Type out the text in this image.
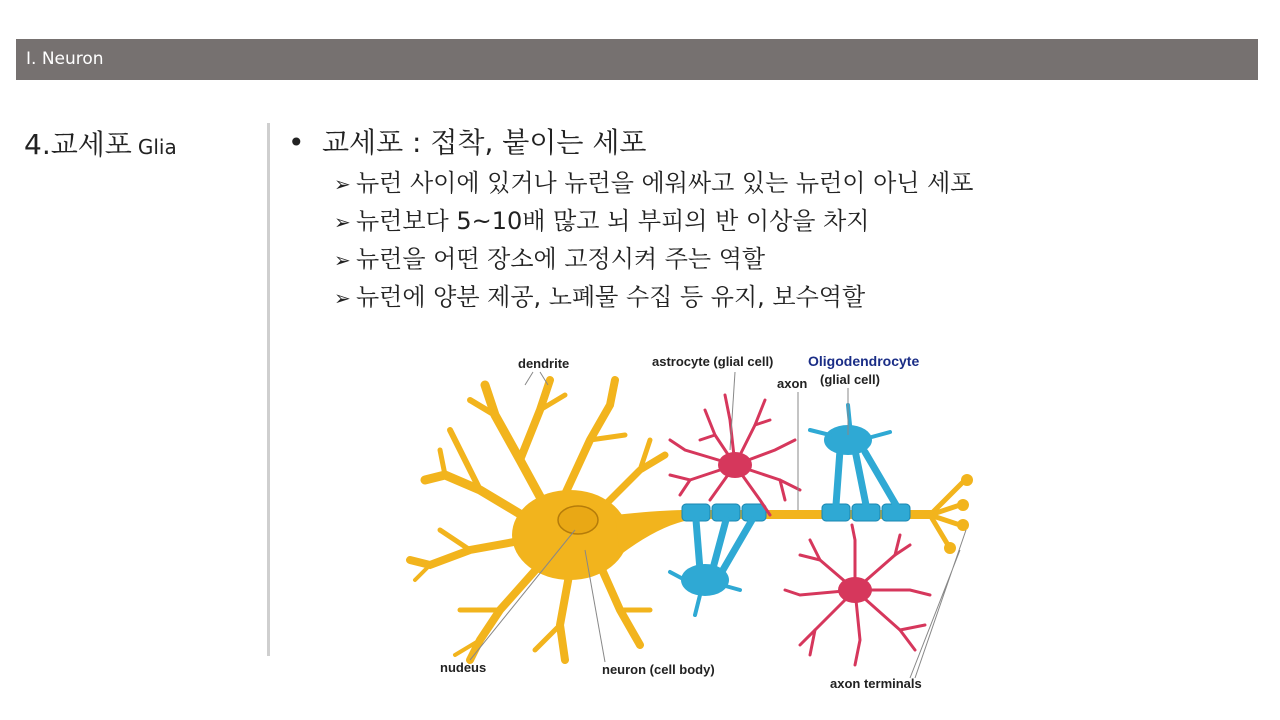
I. Neuron
4.교세포 Glia	• 교세포 : 접착, 붙이는 세포
➢ 뉴런 사이에 있거나 뉴런을 에워싸고 있는 뉴런이 아닌 세포
➢ 뉴런보다 5~10배 많고 뇌 부피의 반 이상을 차지
➢ 뉴런을 어떤 장소에 고정시켜 주는 역할
➢ 뉴런에 양분 제공, 노폐물 수집 등 유지, 보수역할
dendrite	astrocyte (glial cell) Oligodendrocyte
(glial cell)
axon
nudeus	neuron (cell body)
axon terminals
